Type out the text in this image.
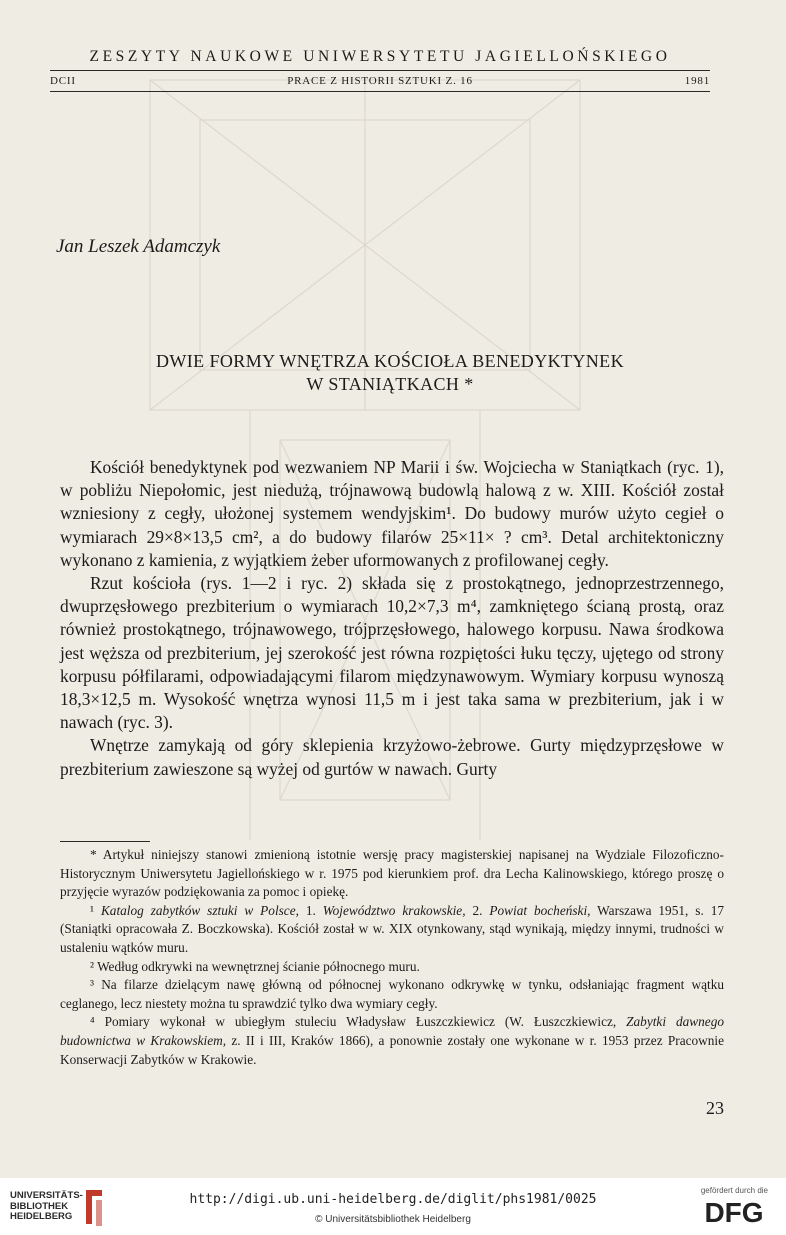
ZESZYTY NAUKOWE UNIWERSYTETU JAGIELLOŃSKIEGO
DCII	PRACE Z HISTORII SZTUKI Z. 16	1981
Jan Leszek Adamczyk
DWIE FORMY WNĘTRZA KOŚCIOŁA BENEDYKTYNEK
W STANIĄTKACH *

Kościół benedyktynek pod wezwaniem NP Marii i św. Wojciecha w Staniątkach (ryc. 1), w pobliżu Niepołomic, jest niedużą, trójnawową budowlą halową z w. XIII. Kościół został wzniesiony z cegły, ułożonej systemem wendyjskim¹. Do budowy murów użyto cegieł o wymiarach 29×8×13,5 cm², a do budowy filarów 25×11× ? cm³. Detal architektoniczny wykonano z kamienia, z wyjątkiem żeber uformowanych z profilowanej cegły.

Rzut kościoła (rys. 1—2 i ryc. 2) składa się z prostokątnego, jednoprzestrzennego, dwuprzęsłowego prezbiterium o wymiarach 10,2×7,3 m⁴, zamkniętego ścianą prostą, oraz również prostokątnego, trójnawowego, trójprzęsłowego, halowego korpusu. Nawa środkowa jest węższa od prezbiterium, jej szerokość jest równa rozpiętości łuku tęczy, ujętego od strony korpusu półfilarami, odpowiadającymi filarom międzynawowym. Wymiary korpusu wynoszą 18,3×12,5 m. Wysokość wnętrza wynosi 11,5 m i jest taka sama w prezbiterium, jak i w nawach (ryc. 3).

Wnętrze zamykają od góry sklepienia krzyżowo-żebrowe. Gurty międzyprzęsłowe w prezbiterium zawieszone są wyżej od gurtów w nawach. Gurty

* Artykuł niniejszy stanowi zmienioną istotnie wersję pracy magisterskiej napisanej na Wydziale Filozoficzno-Historycznym Uniwersytetu Jagiellońskiego w r. 1975 pod kierunkiem prof. dra Lecha Kalinowskiego, którego proszę o przyjęcie wyrazów podziękowania za pomoc i opiekę.

¹ Katalog zabytków sztuki w Polsce, 1. Województwo krakowskie, 2. Powiat bocheński, Warszawa 1951, s. 17 (Staniątki opracowała Z. Boczkowska). Kościół został w w. XIX otynkowany, stąd wynikają, między innymi, trudności w ustaleniu wątków muru.

² Według odkrywki na wewnętrznej ścianie północnego muru.

³ Na filarze dzielącym nawę główną od północnej wykonano odkrywkę w tynku, odsłaniając fragment wątku ceglanego, lecz niestety można tu sprawdzić tylko dwa wymiary cegły.

⁴ Pomiary wykonał w ubiegłym stuleciu Władysław Łuszczkiewicz (W. Łuszczkiewicz, Zabytki dawnego budownictwa w Krakowskiem, z. II i III, Kraków 1866), a ponownie zostały one wykonane w r. 1953 przez Pracownie Konserwacji Zabytków w Krakowie.

23
UNIVERSITÄTS-
BIBLIOTHEK
HEIDELBERG
http://digi.ub.uni-heidelberg.de/diglit/phs1981/0025
© Universitätsbibliothek Heidelberg
gefördert durch die
DFG
